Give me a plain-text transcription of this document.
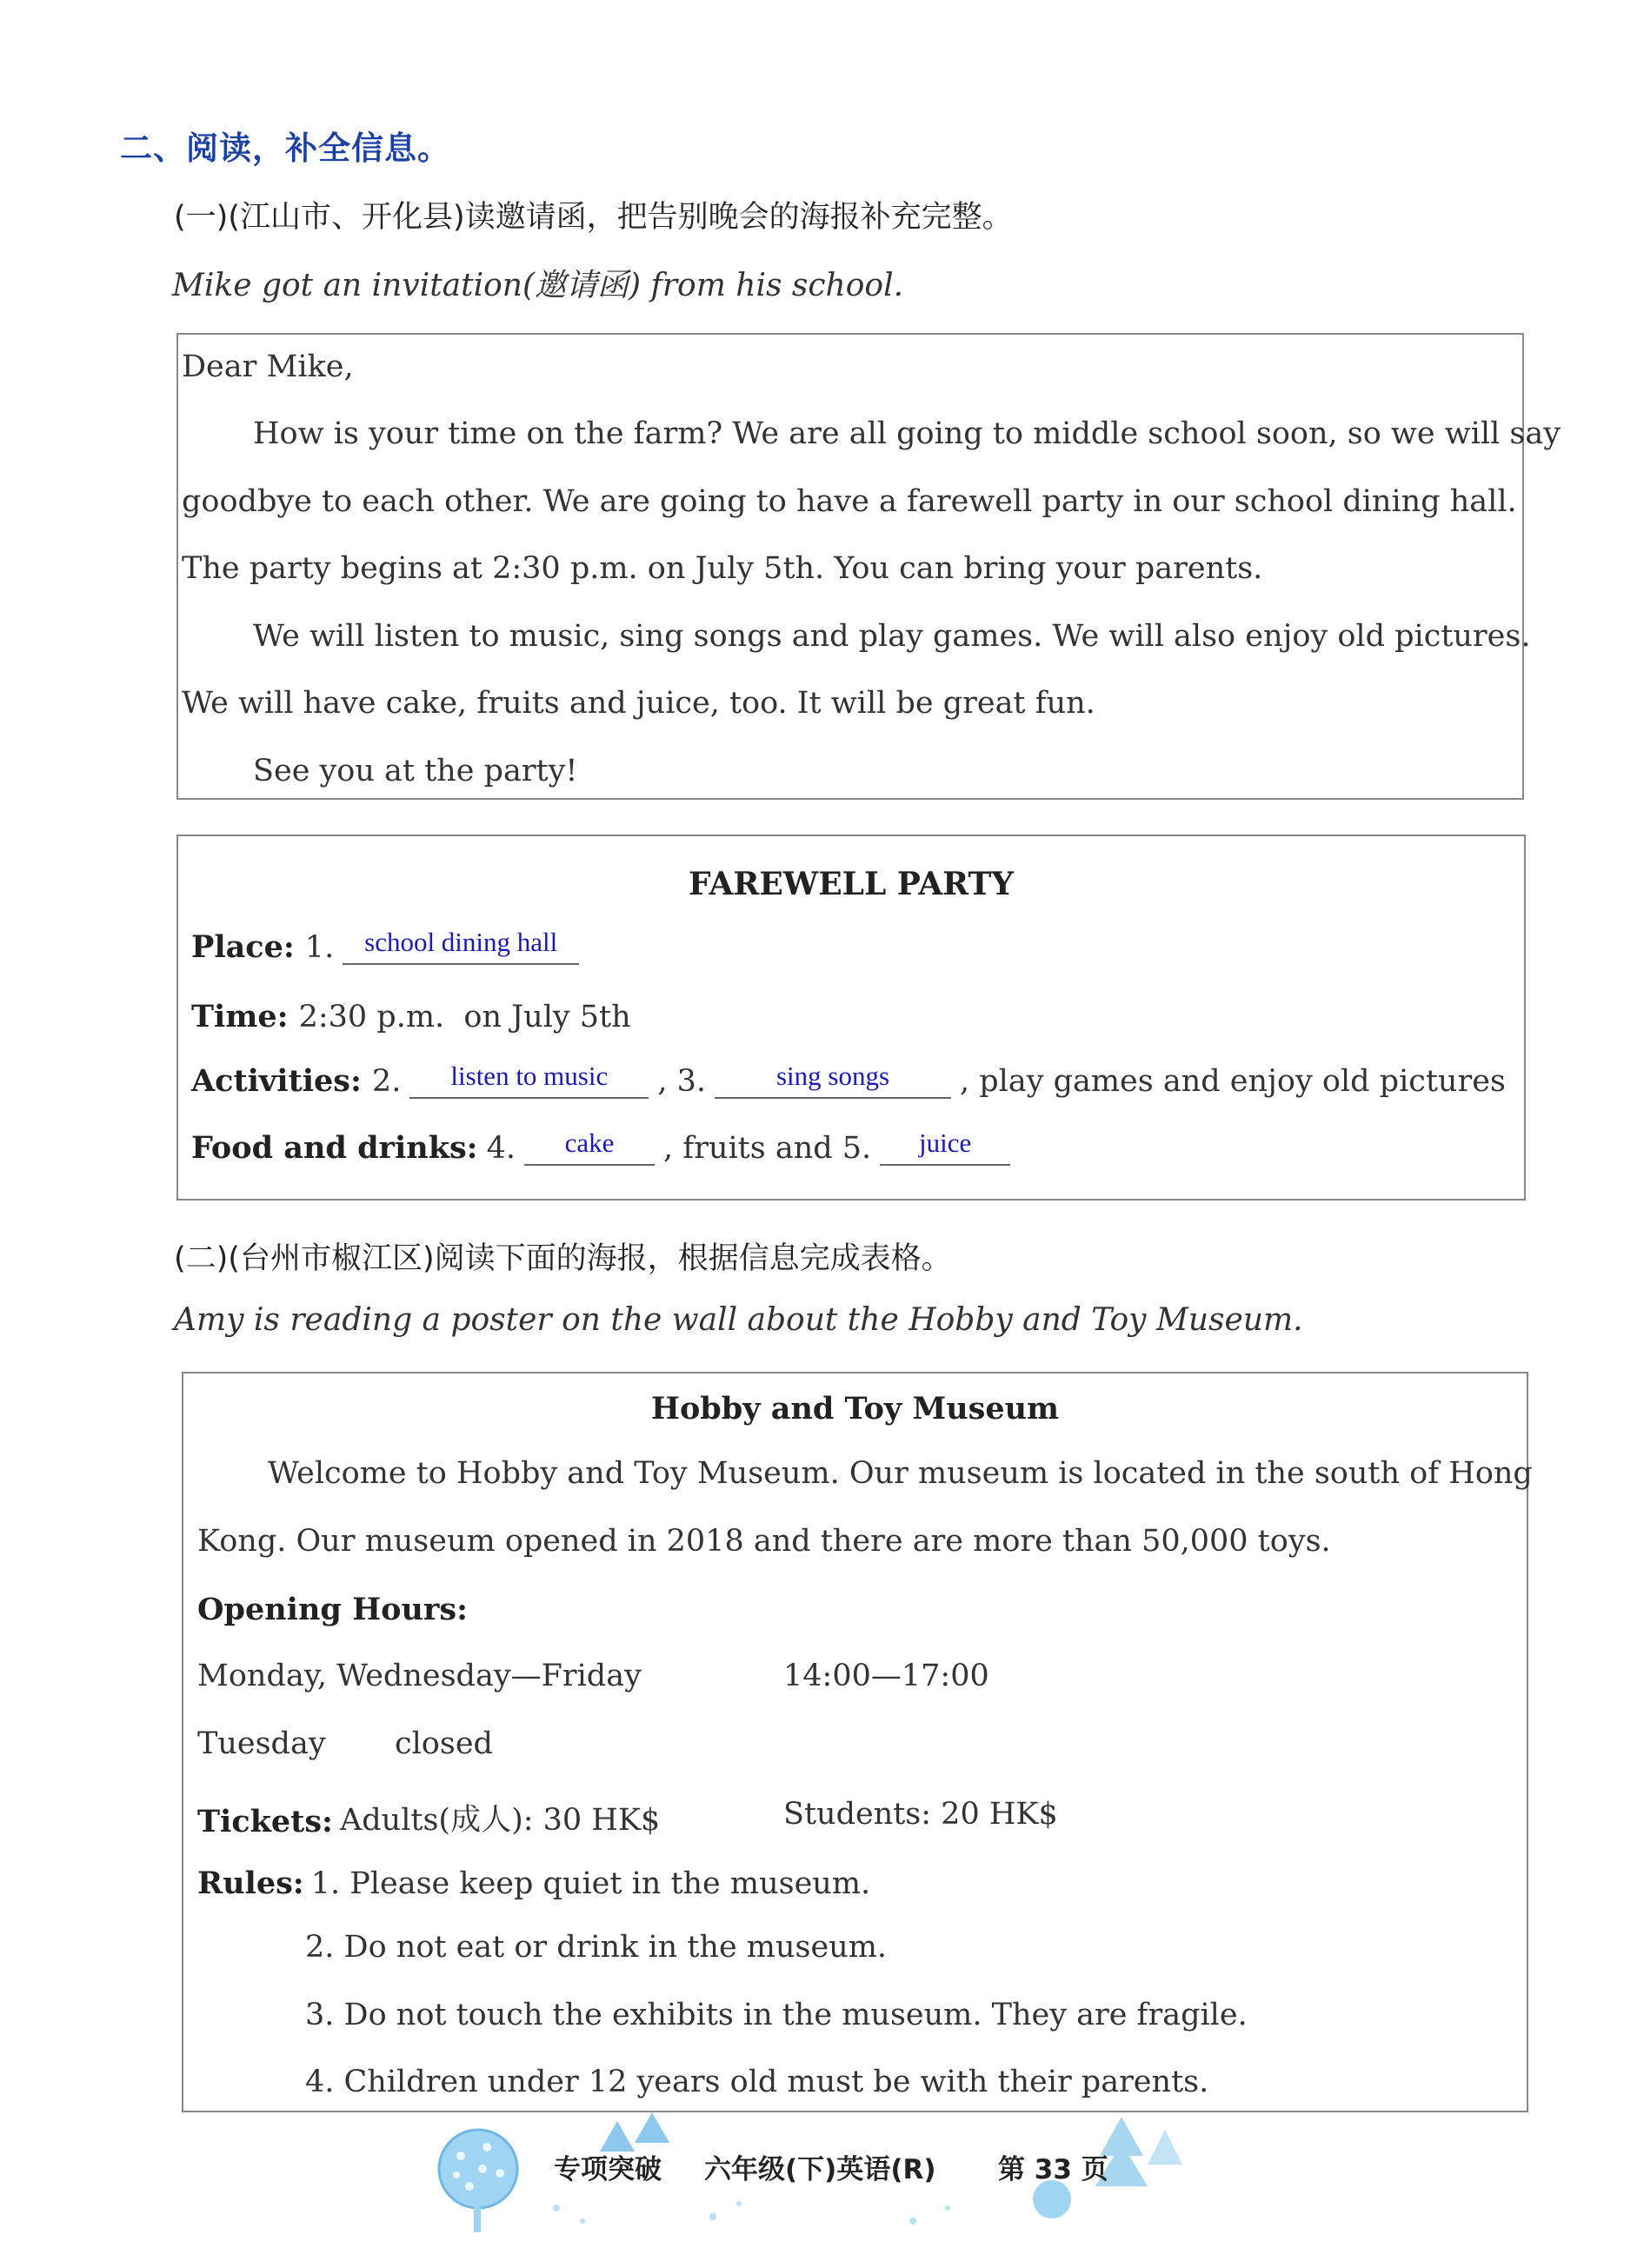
二、阅读，补全信息。
(一)(江山市、开化县)读邀请函，把告别晚会的海报补充完整。
Mike got an invitation(邀请函) from his school.
Dear Mike,
How is your time on the farm? We are all going to middle school soon, so we will say
goodbye to each other. We are going to have a farewell party in our school dining hall.
The party begins at 2:30 p.m. on July 5th. You can bring your parents.
We will listen to music, sing songs and play games. We will also enjoy old pictures.
We will have cake, fruits and juice, too. It will be great fun.
See you at the party!
FAREWELL PARTY
Place: 1.	school dining hall
Time: 2:30 p.m.  on July 5th
Activities: 2.	listen to music	, 3.	sing songs	, play games and enjoy old pictures
Food and drinks: 4.	cake	, fruits and 5.	juice
(二)(台州市椒江区)阅读下面的海报，根据信息完成表格。
Amy is reading a poster on the wall about the Hobby and Toy Museum.
Hobby and Toy Museum
Welcome to Hobby and Toy Museum. Our museum is located in the south of Hong
Kong. Our museum opened in 2018 and there are more than 50,000 toys.
Opening Hours:
Monday, Wednesday—Friday	14:00—17:00
Tuesday closed
Tickets: Adults(成人): 30 HK$	Students: 20 HK$
Rules: 1. Please keep quiet in the museum.
2. Do not eat or drink in the museum.
3. Do not touch the exhibits in the museum. They are fragile.
4. Children under 12 years old must be with their parents.
专项突破 六年级(下)英语(R) 第 33 页
